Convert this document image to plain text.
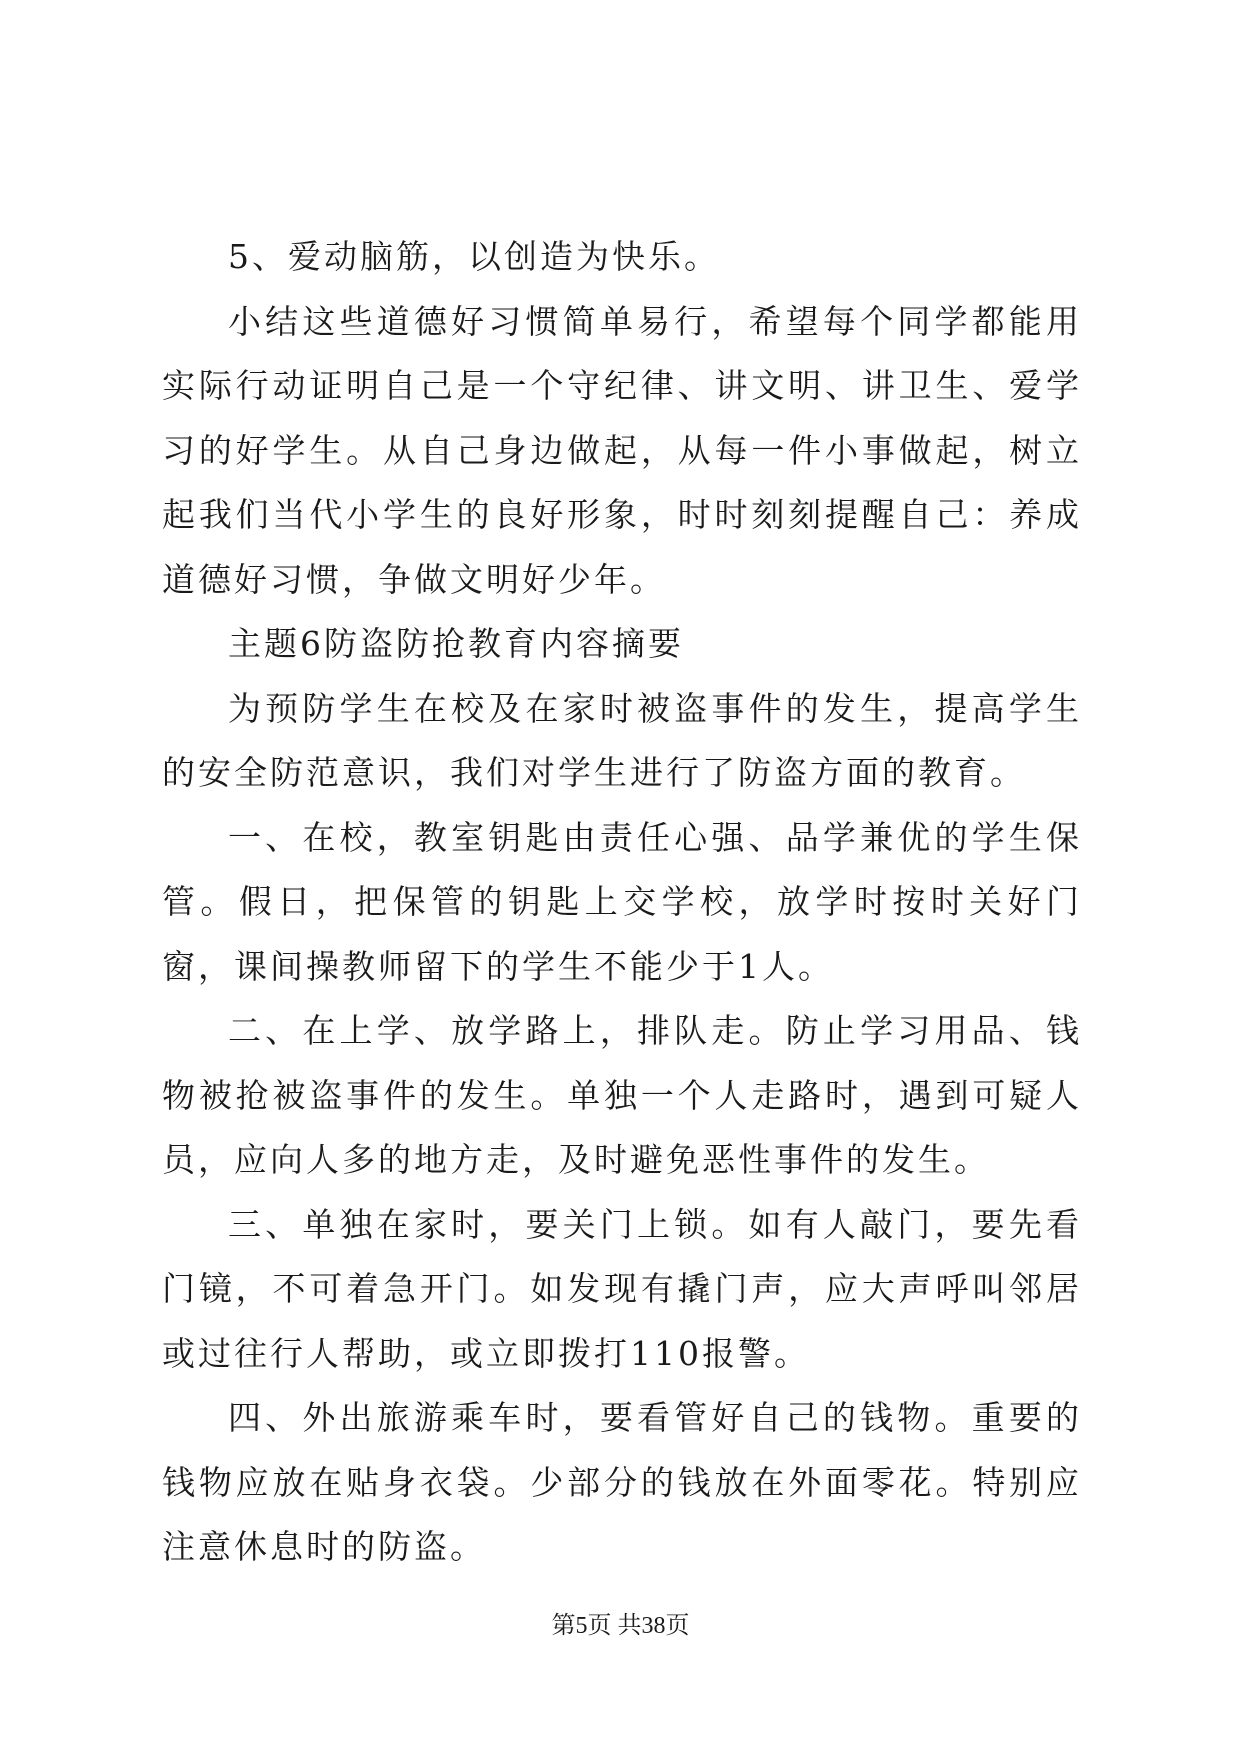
5、爱动脑筋，以创造为快乐。

小结这些道德好习惯简单易行，希望每个同学都能用实际行动证明自己是一个守纪律、讲文明、讲卫生、爱学习的好学生。从自己身边做起，从每一件小事做起，树立起我们当代小学生的良好形象，时时刻刻提醒自己：养成道德好习惯，争做文明好少年。

主题6防盗防抢教育内容摘要

为预防学生在校及在家时被盗事件的发生，提高学生的安全防范意识，我们对学生进行了防盗方面的教育。

一、在校，教室钥匙由责任心强、品学兼优的学生保管。假日，把保管的钥匙上交学校，放学时按时关好门窗，课间操教师留下的学生不能少于1人。

二、在上学、放学路上，排队走。防止学习用品、钱物被抢被盗事件的发生。单独一个人走路时，遇到可疑人员，应向人多的地方走，及时避免恶性事件的发生。

三、单独在家时，要关门上锁。如有人敲门，要先看门镜，不可着急开门。如发现有撬门声，应大声呼叫邻居或过往行人帮助，或立即拨打110报警。

四、外出旅游乘车时，要看管好自己的钱物。重要的钱物应放在贴身衣袋。少部分的钱放在外面零花。特别应注意休息时的防盗。

第5页 共38页
